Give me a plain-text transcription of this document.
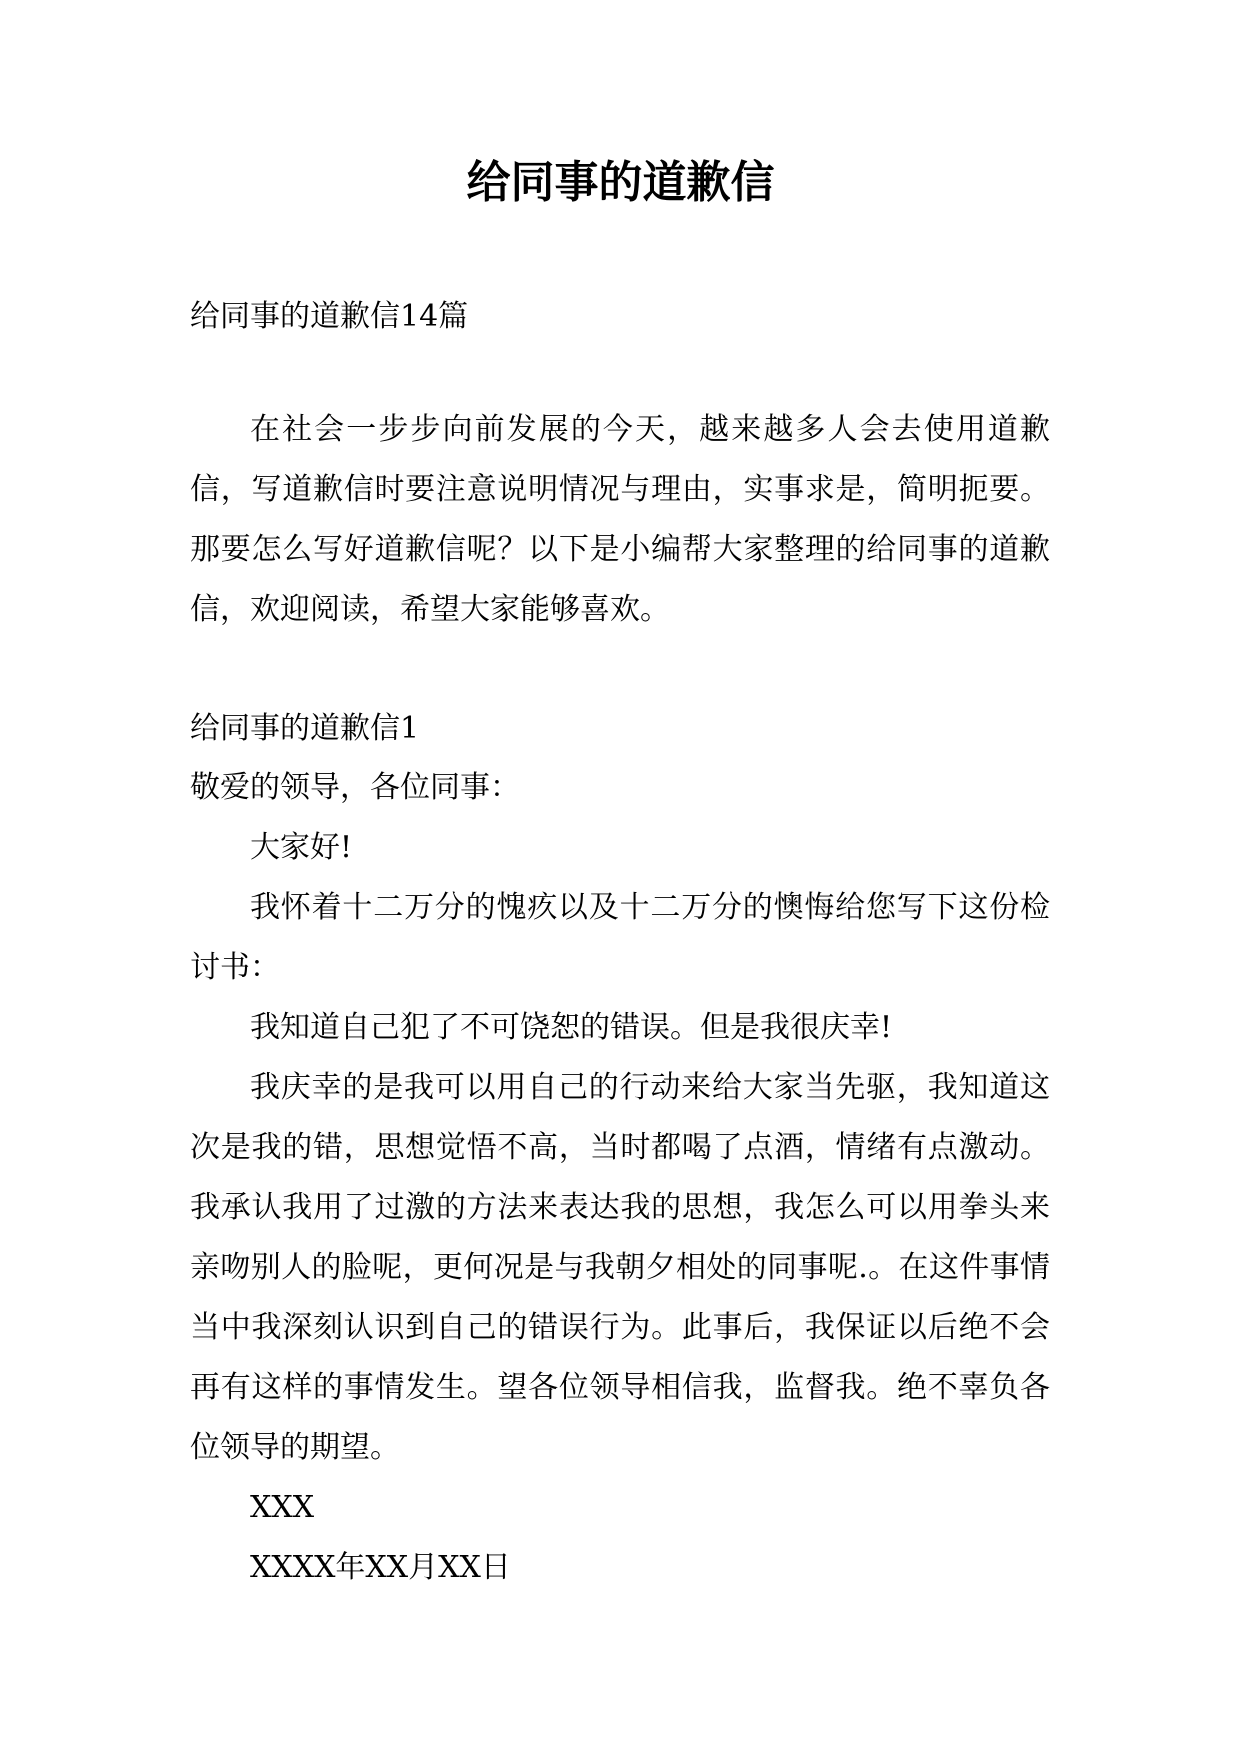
给同事的道歉信
给同事的道歉信14篇
在社会一步步向前发展的今天，越来越多人会去使用道歉信，写道歉信时要注意说明情况与理由，实事求是，简明扼要。那要怎么写好道歉信呢？以下是小编帮大家整理的给同事的道歉信，欢迎阅读，希望大家能够喜欢。

给同事的道歉信1

敬爱的领导，各位同事：

大家好!

我怀着十二万分的愧疚以及十二万分的懊悔给您写下这份检讨书：

我知道自己犯了不可饶恕的错误。但是我很庆幸!

我庆幸的是我可以用自己的行动来给大家当先驱，我知道这次是我的错，思想觉悟不高，当时都喝了点酒，情绪有点激动。我承认我用了过激的方法来表达我的思想，我怎么可以用拳头来亲吻别人的脸呢，更何况是与我朝夕相处的同事呢.。在这件事情当中我深刻认识到自己的错误行为。此事后，我保证以后绝不会再有这样的事情发生。望各位领导相信我，监督我。绝不辜负各位领导的期望。

XXX

XXXX年XX月XX日
